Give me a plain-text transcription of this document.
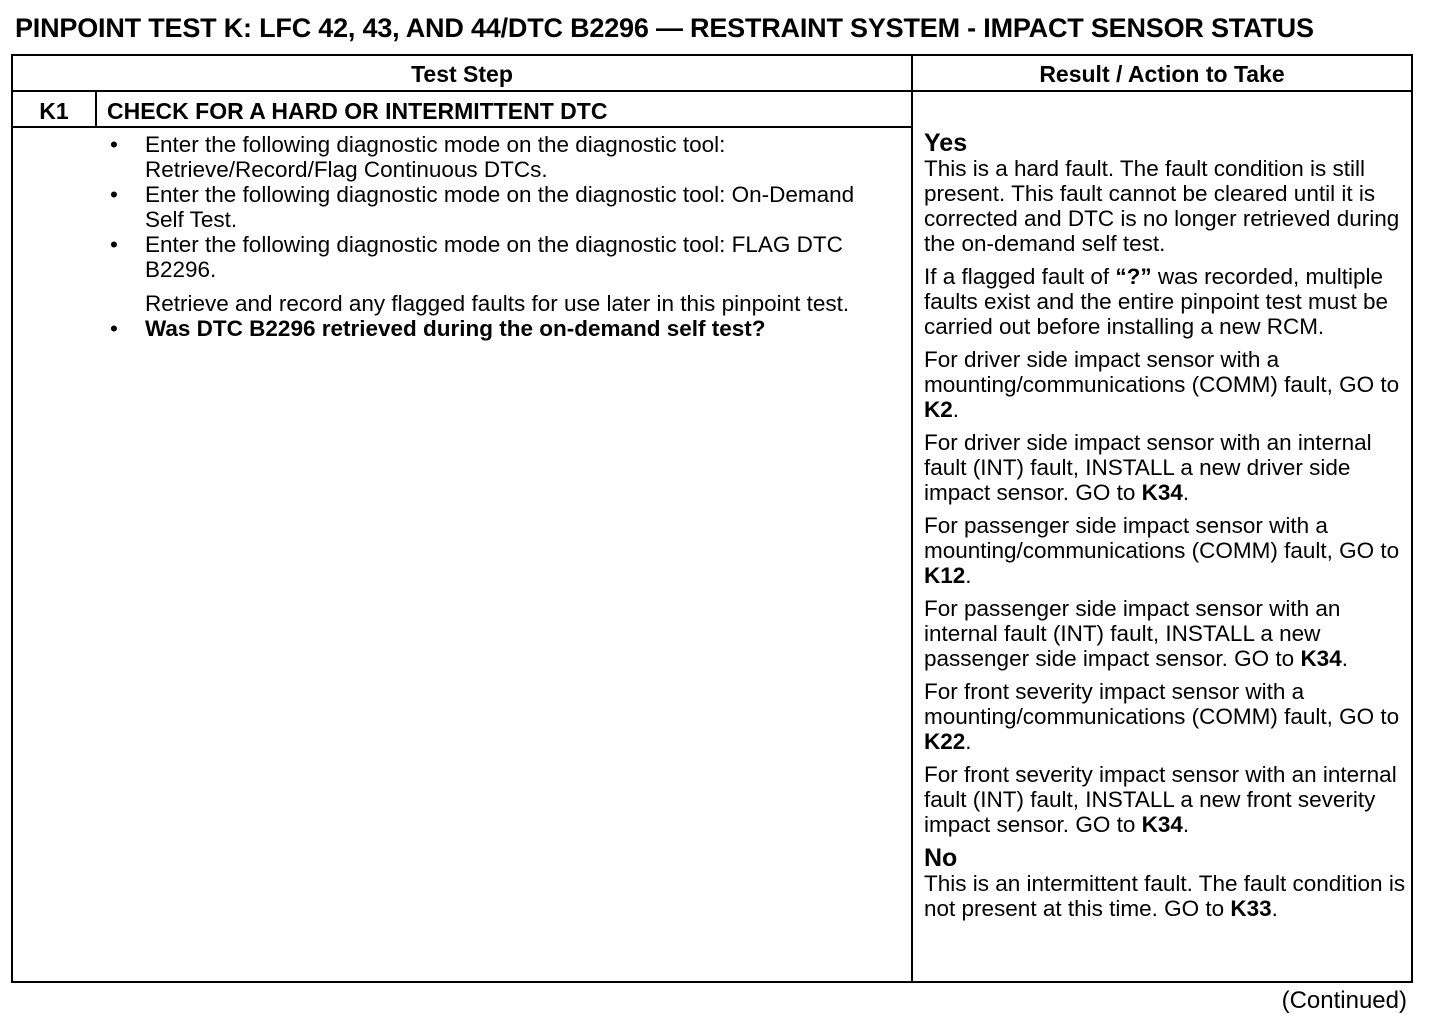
PINPOINT TEST K: LFC 42, 43, AND 44/DTC B2296 — RESTRAINT SYSTEM - IMPACT SENSOR STATUS
Test Step	Result / Action to Take
K1	CHECK FOR A HARD OR INTERMITTENT DTC
• Enter the following diagnostic mode on the diagnostic tool: Retrieve/Record/Flag Continuous DTCs.
• Enter the following diagnostic mode on the diagnostic tool: On-Demand Self Test.
• Enter the following diagnostic mode on the diagnostic tool: FLAG DTC B2296.
Retrieve and record any flagged faults for use later in this pinpoint test.
• Was DTC B2296 retrieved during the on-demand self test?
Yes

This is a hard fault. The fault condition is still present. This fault cannot be cleared until it is corrected and DTC is no longer retrieved during the on-demand self test.

If a flagged fault of “?” was recorded, multiple faults exist and the entire pinpoint test must be carried out before installing a new RCM.

For driver side impact sensor with a mounting/communications (COMM) fault, GO to K2.

For driver side impact sensor with an internal fault (INT) fault, INSTALL a new driver side impact sensor. GO to K34.

For passenger side impact sensor with a mounting/communications (COMM) fault, GO to K12.

For passenger side impact sensor with an internal fault (INT) fault, INSTALL a new passenger side impact sensor. GO to K34.

For front severity impact sensor with a mounting/communications (COMM) fault, GO to K22.

For front severity impact sensor with an internal fault (INT) fault, INSTALL a new front severity impact sensor. GO to K34.

No

This is an intermittent fault. The fault condition is not present at this time. GO to K33.

(Continued)
